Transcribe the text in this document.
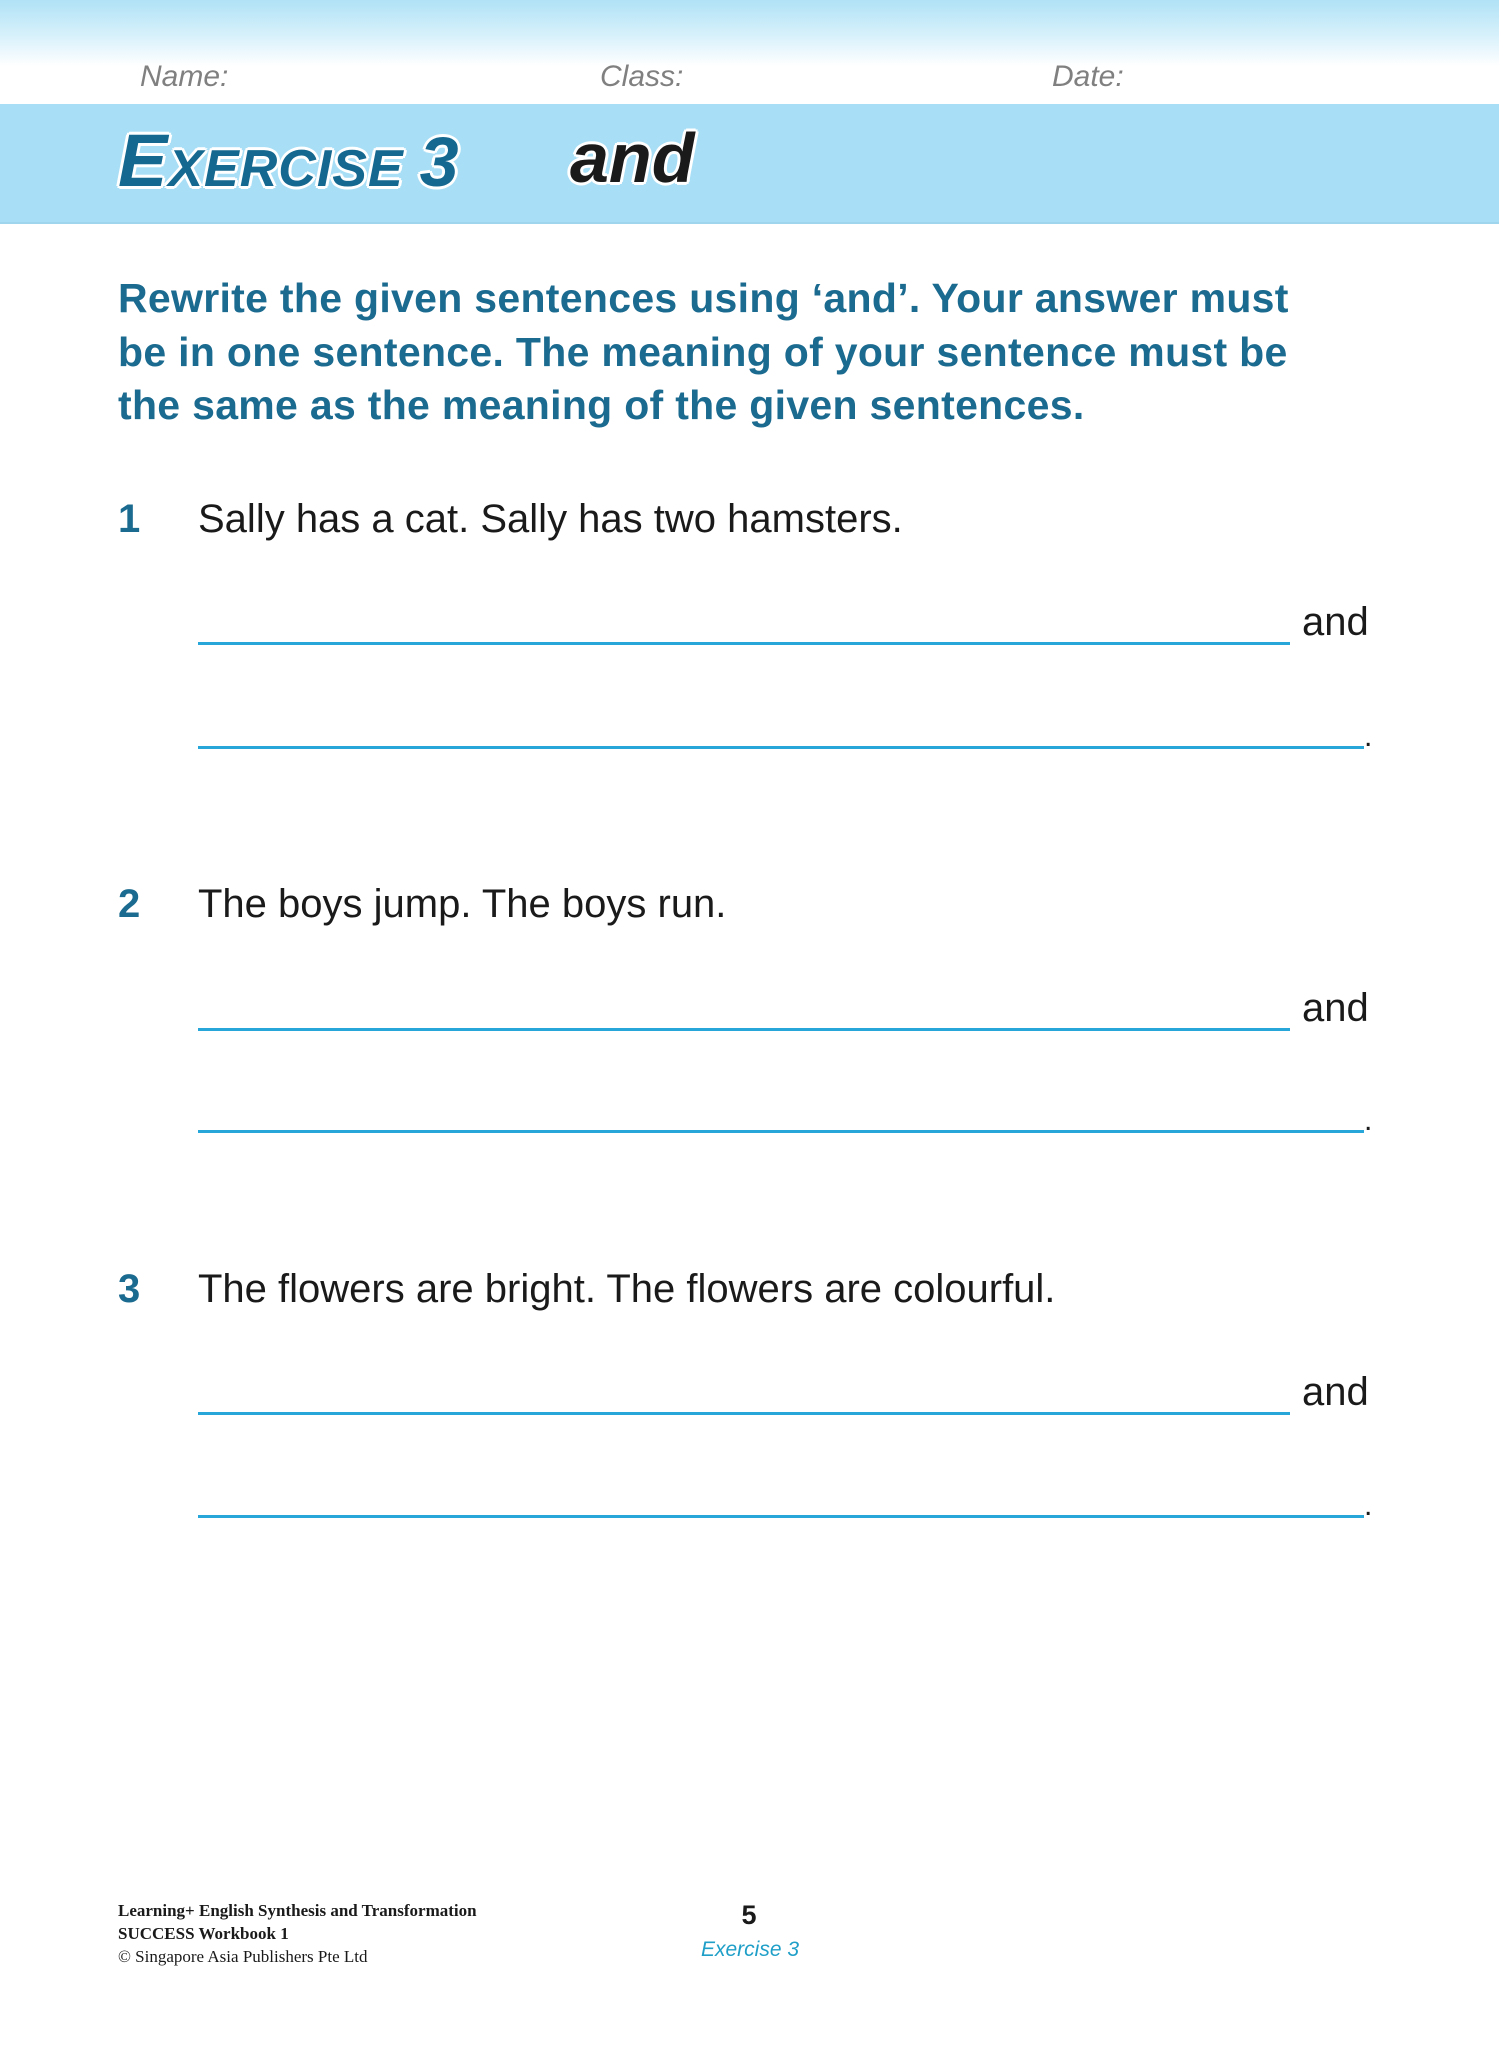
Name:	Class:	Date:
EXERCISE 3 and
Rewrite the given sentences using ‘and’. Your answer must
be in one sentence. The meaning of your sentence must be
the same as the meaning of the given sentences.
1 Sally has a cat. Sally has two hamsters.
and
.
2 The boys jump. The boys run.
and
.
3 The flowers are bright. The flowers are colourful.
and
.
Learning+ English Synthesis and Transformation
SUCCESS Workbook 1
© Singapore Asia Publishers Pte Ltd
5
Exercise 3
